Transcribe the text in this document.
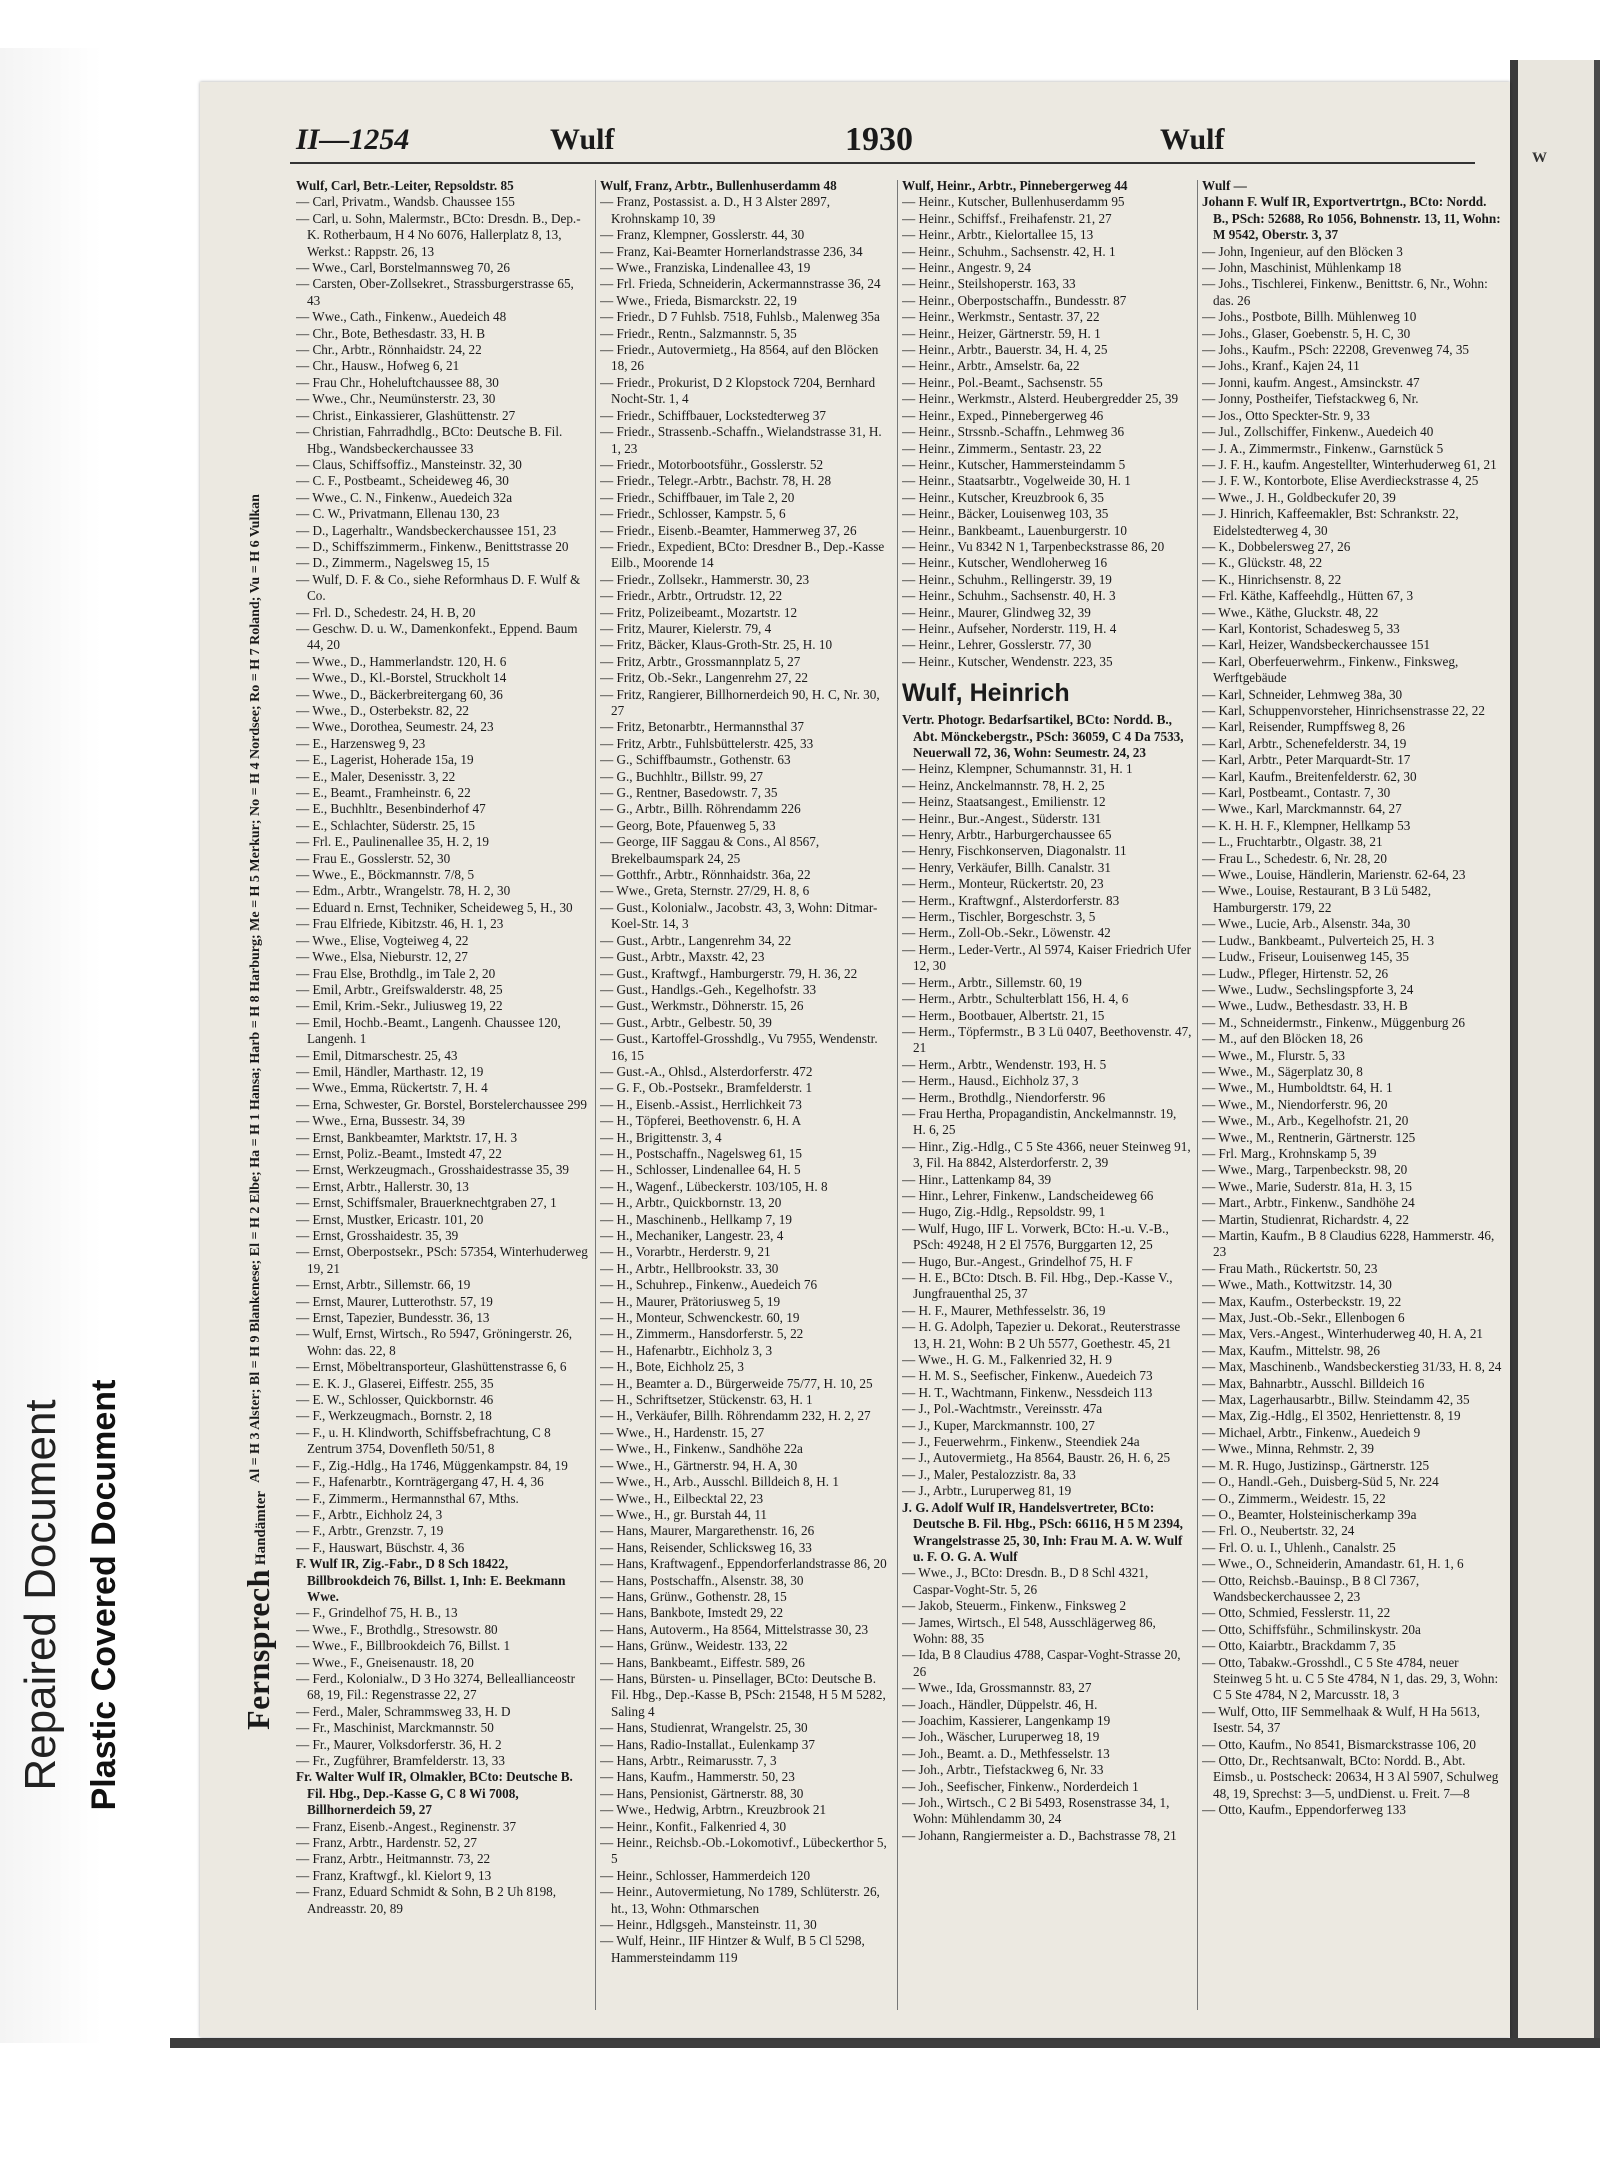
Repaired Document Plastic Covered Document
W
II—1254	Wulf	1930	Wulf
FernsprechHandämterAl = H 3 Alster; Bl = H 9 Blankenese; El = H 2 Elbe; Ha = H 1 Hansa; Harb = H 8 Harburg; Me = H 5 Merkur; No = H 4 Nordsee; Ro = H 7 Roland; Vu = H 6 Vulkan

Wulf, Carl, Betr.-Leiter, Repsoldstr. 85

— Carl, Privatm., Wandsb. Chaussee 155

— Carl, u. Sohn, Malermstr., BCto: Dresdn. B., Dep.-K. Rotherbaum, H 4 No 6076, Hallerplatz 8, 13, Werkst.: Rappstr. 26, 13

— Wwe., Carl, Borstelmannsweg 70, 26

— Carsten, Ober-Zollsekret., Strassburgerstrasse 65, 43

— Wwe., Cath., Finkenw., Auedeich 48

— Chr., Bote, Bethesdastr. 33, H. B

— Chr., Arbtr., Rönnhaidstr. 24, 22

— Chr., Hausw., Hofweg 6, 21

— Frau Chr., Hoheluftchaussee 88, 30

— Wwe., Chr., Neumünsterstr. 23, 30

— Christ., Einkassierer, Glashüttenstr. 27

— Christian, Fahrradhdlg., BCto: Deutsche B. Fil. Hbg., Wandsbeckerchaussee 33

— Claus, Schiffsoffiz., Mansteinstr. 32, 30

— C. F., Postbeamt., Scheideweg 46, 30

— Wwe., C. N., Finkenw., Auedeich 32a

— C. W., Privatmann, Ellenau 130, 23

— D., Lagerhaltr., Wandsbeckerchaussee 151, 23

— D., Schiffszimmerm., Finkenw., Benittstrasse 20

— D., Zimmerm., Nagelsweg 15, 15

— Wulf, D. F. & Co., siehe Reformhaus D. F. Wulf & Co.

— Frl. D., Schedestr. 24, H. B, 20

— Geschw. D. u. W., Damenkonfekt., Eppend. Baum 44, 20

— Wwe., D., Hammerlandstr. 120, H. 6

— Wwe., D., Kl.-Borstel, Struckholt 14

— Wwe., D., Bäckerbreitergang 60, 36

— Wwe., D., Osterbekstr. 82, 22

— Wwe., Dorothea, Seumestr. 24, 23

— E., Harzensweg 9, 23

— E., Lagerist, Hoherade 15a, 19

— E., Maler, Desenisstr. 3, 22

— E., Beamt., Framheinstr. 6, 22

— E., Buchhltr., Besenbinderhof 47

— E., Schlachter, Süderstr. 25, 15

— Frl. E., Paulinenallee 35, H. 2, 19

— Frau E., Gosslerstr. 52, 30

— Wwe., E., Böckmannstr. 7/8, 5

— Edm., Arbtr., Wrangelstr. 78, H. 2, 30

— Eduard n. Ernst, Techniker, Scheideweg 5, H., 30

— Frau Elfriede, Kibitzstr. 46, H. 1, 23

— Wwe., Elise, Vogteiweg 4, 22

— Wwe., Elsa, Nieburstr. 12, 27

— Frau Else, Brothdlg., im Tale 2, 20

— Emil, Arbtr., Greifswalderstr. 48, 25

— Emil, Krim.-Sekr., Juliusweg 19, 22

— Emil, Hochb.-Beamt., Langenh. Chaussee 120, Langenh. 1

— Emil, Ditmarschestr. 25, 43

— Emil, Händler, Marthastr. 12, 19

— Wwe., Emma, Rückertstr. 7, H. 4

— Erna, Schwester, Gr. Borstel, Borstelerchaussee 299

— Wwe., Erna, Bussestr. 34, 39

— Ernst, Bankbeamter, Marktstr. 17, H. 3

— Ernst, Poliz.-Beamt., Imstedt 47, 22

— Ernst, Werkzeugmach., Grosshaidestrasse 35, 39

— Ernst, Arbtr., Hallerstr. 30, 13

— Ernst, Schiffsmaler, Brauerknechtgraben 27, 1

— Ernst, Mustker, Ericastr. 101, 20

— Ernst, Grosshaidestr. 35, 39

— Ernst, Oberpostsekr., PSch: 57354, Winterhuderweg 19, 21

— Ernst, Arbtr., Sillemstr. 66, 19

— Ernst, Maurer, Lutterothstr. 57, 19

— Ernst, Tapezier, Bundesstr. 36, 13

— Wulf, Ernst, Wirtsch., Ro 5947, Gröningerstr. 26, Wohn: das. 22, 8

— Ernst, Möbeltransporteur, Glashüttenstrasse 6, 6

— E. K. J., Glaserei, Eiffestr. 255, 35

— E. W., Schlosser, Quickbornstr. 46

— F., Werkzeugmach., Bornstr. 2, 18

— F., u. H. Klindworth, Schiffsbefrachtung, C 8 Zentrum 3754, Dovenfleth 50/51, 8

— F., Zig.-Hdlg., Ha 1746, Müggenkampstr. 84, 19

— F., Hafenarbtr., Kornträgergang 47, H. 4, 36

— F., Zimmerm., Hermannsthal 67, Mths.

— F., Arbtr., Eichholz 24, 3

— F., Arbtr., Grenzstr. 7, 19

— F., Hauswart, Büschstr. 4, 36

F. Wulf IR, Zig.-Fabr., D 8 Sch 18422, Billbrookdeich 76, Billst. 1, Inh: E. Beekmann Wwe.

— F., Grindelhof 75, H. B., 13

— Wwe., F., Brothdlg., Stresowstr. 80

— Wwe., F., Billbrookdeich 76, Billst. 1

— Wwe., F., Gneisenaustr. 18, 20

— Ferd., Kolonialw., D 3 Ho 3274, Belleallianceostr 68, 19, Fil.: Regenstrasse 22, 27

— Ferd., Maler, Schrammsweg 33, H. D

— Fr., Maschinist, Marckmannstr. 50

— Fr., Maurer, Volksdorferstr. 36, H. 2

— Fr., Zugführer, Bramfelderstr. 13, 33

Fr. Walter Wulf IR, Olmakler, BCto: Deutsche B. Fil. Hbg., Dep.-Kasse G, C 8 Wi 7008, Billhornerdeich 59, 27

— Franz, Eisenb.-Angest., Reginenstr. 37

— Franz, Arbtr., Hardenstr. 52, 27

— Franz, Arbtr., Heitmannstr. 73, 22

— Franz, Kraftwgf., kl. Kielort 9, 13

— Franz, Eduard Schmidt & Sohn, B 2 Uh 8198, Andreasstr. 20, 89

Wulf, Franz, Arbtr., Bullenhuserdamm 48

— Franz, Postassist. a. D., H 3 Alster 2897, Krohnskamp 10, 39

— Franz, Klempner, Gosslerstr. 44, 30

— Franz, Kai-Beamter Hornerlandstrasse 236, 34

— Wwe., Franziska, Lindenallee 43, 19

— Frl. Frieda, Schneiderin, Ackermannstrasse 36, 24

— Wwe., Frieda, Bismarckstr. 22, 19

— Friedr., D 7 Fuhlsb. 7518, Fuhlsb., Malenweg 35a

— Friedr., Rentn., Salzmannstr. 5, 35

— Friedr., Autovermietg., Ha 8564, auf den Blöcken 18, 26

— Friedr., Prokurist, D 2 Klopstock 7204, Bernhard Nocht-Str. 1, 4

— Friedr., Schiffbauer, Lockstedterweg 37

— Friedr., Strassenb.-Schaffn., Wielandstrasse 31, H. 1, 23

— Friedr., Motorbootsführ., Gosslerstr. 52

— Friedr., Telegr.-Arbtr., Bachstr. 78, H. 28

— Friedr., Schiffbauer, im Tale 2, 20

— Friedr., Schlosser, Kampstr. 5, 6

— Friedr., Eisenb.-Beamter, Hammerweg 37, 26

— Friedr., Expedient, BCto: Dresdner B., Dep.-Kasse Eilb., Moorende 14

— Friedr., Zollsekr., Hammerstr. 30, 23

— Friedr., Arbtr., Ortrudstr. 12, 22

— Fritz, Polizeibeamt., Mozartstr. 12

— Fritz, Maurer, Kielerstr. 79, 4

— Fritz, Bäcker, Klaus-Groth-Str. 25, H. 10

— Fritz, Arbtr., Grossmannplatz 5, 27

— Fritz, Ob.-Sekr., Langenrehm 27, 22

— Fritz, Rangierer, Billhornerdeich 90, H. C, Nr. 30, 27

— Fritz, Betonarbtr., Hermannsthal 37

— Fritz, Arbtr., Fuhlsbüttelerstr. 425, 33

— G., Schiffbaumstr., Gothenstr. 63

— G., Buchhltr., Billstr. 99, 27

— G., Rentner, Basedowstr. 7, 35

— G., Arbtr., Billh. Röhrendamm 226

— Georg, Bote, Pfauenweg 5, 33

— George, IIF Saggau & Cons., Al 8567, Brekelbaumspark 24, 25

— Gotthfr., Arbtr., Rönnhaidstr. 36a, 22

— Wwe., Greta, Sternstr. 27/29, H. 8, 6

— Gust., Kolonialw., Jacobstr. 43, 3, Wohn: Ditmar-Koel-Str. 14, 3

— Gust., Arbtr., Langenrehm 34, 22

— Gust., Arbtr., Maxstr. 42, 23

— Gust., Kraftwgf., Hamburgerstr. 79, H. 36, 22

— Gust., Handlgs.-Geh., Kegelhofstr. 33

— Gust., Werkmstr., Döhnerstr. 15, 26

— Gust., Arbtr., Gelbestr. 50, 39

— Gust., Kartoffel-Grosshdlg., Vu 7955, Wendenstr. 16, 15

— Gust.-A., Ohlsd., Alsterdorferstr. 472

— G. F., Ob.-Postsekr., Bramfelderstr. 1

— H., Eisenb.-Assist., Herrlichkeit 73

— H., Töpferei, Beethovenstr. 6, H. A

— H., Brigittenstr. 3, 4

— H., Postschaffn., Nagelsweg 61, 15

— H., Schlosser, Lindenallee 64, H. 5

— H., Wagenf., Lübeckerstr. 103/105, H. 8

— H., Arbtr., Quickbornstr. 13, 20

— H., Maschinenb., Hellkamp 7, 19

— H., Mechaniker, Langestr. 23, 4

— H., Vorarbtr., Herderstr. 9, 21

— H., Arbtr., Hellbrookstr. 33, 30

— H., Schuhrep., Finkenw., Auedeich 76

— H., Maurer, Prätoriusweg 5, 19

— H., Monteur, Schwenckestr. 60, 19

— H., Zimmerm., Hansdorferstr. 5, 22

— H., Hafenarbtr., Eichholz 3, 3

— H., Bote, Eichholz 25, 3

— H., Beamter a. D., Bürgerweide 75/77, H. 10, 25

— H., Schriftsetzer, Stückenstr. 63, H. 1

— H., Verkäufer, Billh. Röhrendamm 232, H. 2, 27

— Wwe., H., Hardenstr. 15, 27

— Wwe., H., Finkenw., Sandhöhe 22a

— Wwe., H., Gärtnerstr. 94, H. A, 30

— Wwe., H., Arb., Ausschl. Billdeich 8, H. 1

— Wwe., H., Eilbecktal 22, 23

— Wwe., H., gr. Burstah 44, 11

— Hans, Maurer, Margarethenstr. 16, 26

— Hans, Reisender, Schlicksweg 16, 33

— Hans, Kraftwagenf., Eppendorferlandstrasse 86, 20

— Hans, Postschaffn., Alsenstr. 38, 30

— Hans, Grünw., Gothenstr. 28, 15

— Hans, Bankbote, Imstedt 29, 22

— Hans, Autoverm., Ha 8564, Mittelstrasse 30, 23

— Hans, Grünw., Weidestr. 133, 22

— Hans, Bankbeamt., Eiffestr. 589, 26

— Hans, Bürsten- u. Pinsellager, BCto: Deutsche B. Fil. Hbg., Dep.-Kasse B, PSch: 21548, H 5 M 5282, Saling 4

— Hans, Studienrat, Wrangelstr. 25, 30

— Hans, Radio-Installat., Eulenkamp 37

— Hans, Arbtr., Reimarusstr. 7, 3

— Hans, Kaufm., Hammerstr. 50, 23

— Hans, Pensionist, Gärtnerstr. 88, 30

— Wwe., Hedwig, Arbtrn., Kreuzbrook 21

— Heinr., Konfit., Falkenried 4, 30

— Heinr., Reichsb.-Ob.-Lokomotivf., Lübeckerthor 5, 5

— Heinr., Schlosser, Hammerdeich 120

— Heinr., Autovermietung, No 1789, Schlüterstr. 26, ht., 13, Wohn: Othmarschen

— Heinr., Hdlgsgeh., Mansteinstr. 11, 30

— Wulf, Heinr., IIF Hintzer & Wulf, B 5 Cl 5298, Hammersteindamm 119

Wulf, Heinr., Arbtr., Pinnebergerweg 44

— Heinr., Kutscher, Bullenhuserdamm 95

— Heinr., Schiffsf., Freihafenstr. 21, 27

— Heinr., Arbtr., Kielortallee 15, 13

— Heinr., Schuhm., Sachsenstr. 42, H. 1

— Heinr., Angestr. 9, 24

— Heinr., Steilshoperstr. 163, 33

— Heinr., Oberpostschaffn., Bundesstr. 87

— Heinr., Werkmstr., Sentastr. 37, 22

— Heinr., Heizer, Gärtnerstr. 59, H. 1

— Heinr., Arbtr., Bauerstr. 34, H. 4, 25

— Heinr., Arbtr., Amselstr. 6a, 22

— Heinr., Pol.-Beamt., Sachsenstr. 55

— Heinr., Werkmstr., Alsterd. Heubergredder 25, 39

— Heinr., Exped., Pinnebergerweg 46

— Heinr., Strssnb.-Schaffn., Lehmweg 36

— Heinr., Zimmerm., Sentastr. 23, 22

— Heinr., Kutscher, Hammersteindamm 5

— Heinr., Staatsarbtr., Vogelweide 30, H. 1

— Heinr., Kutscher, Kreuzbrook 6, 35

— Heinr., Bäcker, Louisenweg 103, 35

— Heinr., Bankbeamt., Lauenburgerstr. 10

— Heinr., Vu 8342 N 1, Tarpenbeckstrasse 86, 20

— Heinr., Kutscher, Wendloherweg 16

— Heinr., Schuhm., Rellingerstr. 39, 19

— Heinr., Schuhm., Sachsenstr. 40, H. 3

— Heinr., Maurer, Glindweg 32, 39

— Heinr., Aufseher, Norderstr. 119, H. 4

— Heinr., Lehrer, Gosslerstr. 77, 30

— Heinr., Kutscher, Wendenstr. 223, 35

Wulf, Heinrich

Vertr. Photogr. Bedarfsartikel, BCto: Nordd. B., Abt. Mönckebergstr., PSch: 36059, C 4 Da 7533, Neuerwall 72, 36, Wohn: Seumestr. 24, 23

— Heinz, Klempner, Schumannstr. 31, H. 1

— Heinz, Anckelmannstr. 78, H. 2, 25

— Heinz, Staatsangest., Emilienstr. 12

— Heinr., Bur.-Angest., Süderstr. 131

— Henry, Arbtr., Harburgerchaussee 65

— Henry, Fischkonserven, Diagonalstr. 11

— Henry, Verkäufer, Billh. Canalstr. 31

— Herm., Monteur, Rückertstr. 20, 23

— Herm., Kraftwgnf., Alsterdorferstr. 83

— Herm., Tischler, Borgeschstr. 3, 5

— Herm., Zoll-Ob.-Sekr., Löwenstr. 42

— Herm., Leder-Vertr., Al 5974, Kaiser Friedrich Ufer 12, 30

— Herm., Arbtr., Sillemstr. 60, 19

— Herm., Arbtr., Schulterblatt 156, H. 4, 6

— Herm., Bootbauer, Albertstr. 21, 15

— Herm., Töpfermstr., B 3 Lü 0407, Beethovenstr. 47, 21

— Herm., Arbtr., Wendenstr. 193, H. 5

— Herm., Hausd., Eichholz 37, 3

— Herm., Brothdlg., Niendorferstr. 96

— Frau Hertha, Propagandistin, Anckelmannstr. 19, H. 6, 25

— Hinr., Zig.-Hdlg., C 5 Ste 4366, neuer Steinweg 91, 3, Fil. Ha 8842, Alsterdorferstr. 2, 39

— Hinr., Lattenkamp 84, 39

— Hinr., Lehrer, Finkenw., Landscheideweg 66

— Hugo, Zig.-Hdlg., Repsoldstr. 99, 1

— Wulf, Hugo, IIF L. Vorwerk, BCto: H.-u. V.-B., PSch: 49248, H 2 El 7576, Burggarten 12, 25

— Hugo, Bur.-Angest., Grindelhof 75, H. F

— H. E., BCto: Dtsch. B. Fil. Hbg., Dep.-Kasse V., Jungfrauenthal 25, 37

— H. F., Maurer, Methfesselstr. 36, 19

— H. G. Adolph, Tapezier u. Dekorat., Reuterstrasse 13, H. 21, Wohn: B 2 Uh 5577, Goethestr. 45, 21

— Wwe., H. G. M., Falkenried 32, H. 9

— H. M. S., Seefischer, Finkenw., Auedeich 73

— H. T., Wachtmann, Finkenw., Nessdeich 113

— J., Pol.-Wachtmstr., Vereinsstr. 47a

— J., Kuper, Marckmannstr. 100, 27

— J., Feuerwehrm., Finkenw., Steendiek 24a

— J., Autovermietg., Ha 8564, Baustr. 26, H. 6, 25

— J., Maler, Pestalozzistr. 8a, 33

— J., Arbtr., Luruperweg 81, 19

J. G. Adolf Wulf IR, Handelsvertreter, BCto: Deutsche B. Fil. Hbg., PSch: 66116, H 5 M 2394, Wrangelstrasse 25, 30, Inh: Frau M. A. W. Wulf u. F. O. G. A. Wulf

— Wwe., J., BCto: Dresdn. B., D 8 Schl 4321, Caspar-Voght-Str. 5, 26

— Jakob, Steuerm., Finkenw., Finksweg 2

— James, Wirtsch., El 548, Ausschlägerweg 86, Wohn: 88, 35

— Ida, B 8 Claudius 4788, Caspar-Voght-Strasse 20, 26

— Wwe., Ida, Grossmannstr. 83, 27

— Joach., Händler, Düppelstr. 46, H.

— Joachim, Kassierer, Langenkamp 19

— Joh., Wäscher, Luruperweg 18, 19

— Joh., Beamt. a. D., Methfesselstr. 13

— Joh., Arbtr., Tiefstackweg 6, Nr. 33

— Joh., Seefischer, Finkenw., Norderdeich 1

— Joh., Wirtsch., C 2 Bi 5493, Rosenstrasse 34, 1, Wohn: Mühlendamm 30, 24

— Johann, Rangiermeister a. D., Bachstrasse 78, 21

Wulf —

Johann F. Wulf IR, Exportvertrtgn., BCto: Nordd. B., PSch: 52688, Ro 1056, Bohnenstr. 13, 11, Wohn: M 9542, Oberstr. 3, 37

— John, Ingenieur, auf den Blöcken 3

— John, Maschinist, Mühlenkamp 18

— Johs., Tischlerei, Finkenw., Benittstr. 6, Nr., Wohn: das. 26

— Johs., Postbote, Billh. Mühlenweg 10

— Johs., Glaser, Goebenstr. 5, H. C, 30

— Johs., Kaufm., PSch: 22208, Grevenweg 74, 35

— Johs., Kranf., Kajen 24, 11

— Jonni, kaufm. Angest., Amsinckstr. 47

— Jonny, Postheifer, Tiefstackweg 6, Nr.

— Jos., Otto Speckter-Str. 9, 33

— Jul., Zollschiffer, Finkenw., Auedeich 40

— J. A., Zimmermstr., Finkenw., Garnstück 5

— J. F. H., kaufm. Angestellter, Winterhuderweg 61, 21

— J. F. W., Kontorbote, Elise Averdieckstrasse 4, 25

— Wwe., J. H., Goldbeckufer 20, 39

— J. Hinrich, Kaffeemakler, Bst: Schrankstr. 22, Eidelstedterweg 4, 30

— K., Dobbelersweg 27, 26

— K., Glückstr. 48, 22

— K., Hinrichsenstr. 8, 22

— Frl. Käthe, Kaffeehdlg., Hütten 67, 3

— Wwe., Käthe, Gluckstr. 48, 22

— Karl, Kontorist, Schadesweg 5, 33

— Karl, Heizer, Wandsbeckerchaussee 151

— Karl, Oberfeuerwehrm., Finkenw., Finksweg, Werftgebäude

— Karl, Schneider, Lehmweg 38a, 30

— Karl, Schuppenvorsteher, Hinrichsenstrasse 22, 22

— Karl, Reisender, Rumpffsweg 8, 26

— Karl, Arbtr., Schenefelderstr. 34, 19

— Karl, Arbtr., Peter Marquardt-Str. 17

— Karl, Kaufm., Breitenfelderstr. 62, 30

— Karl, Postbeamt., Contastr. 7, 30

— Wwe., Karl, Marckmannstr. 64, 27

— K. H. H. F., Klempner, Hellkamp 53

— L., Fruchtarbtr., Olgastr. 38, 21

— Frau L., Schedestr. 6, Nr. 28, 20

— Wwe., Louise, Händlerin, Marienstr. 62-64, 23

— Wwe., Louise, Restaurant, B 3 Lü 5482, Hamburgerstr. 179, 22

— Wwe., Lucie, Arb., Alsenstr. 34a, 30

— Ludw., Bankbeamt., Pulverteich 25, H. 3

— Ludw., Friseur, Louisenweg 145, 35

— Ludw., Pfleger, Hirtenstr. 52, 26

— Wwe., Ludw., Sechslingspforte 3, 24

— Wwe., Ludw., Bethesdastr. 33, H. B

— M., Schneidermstr., Finkenw., Müggenburg 26

— M., auf den Blöcken 18, 26

— Wwe., M., Flurstr. 5, 33

— Wwe., M., Sägerplatz 30, 8

— Wwe., M., Humboldtstr. 64, H. 1

— Wwe., M., Niendorferstr. 96, 20

— Wwe., M., Arb., Kegelhofstr. 21, 20

— Wwe., M., Rentnerin, Gärtnerstr. 125

— Frl. Marg., Krohnskamp 5, 39

— Wwe., Marg., Tarpenbeckstr. 98, 20

— Wwe., Marie, Suderstr. 81a, H. 3, 15

— Mart., Arbtr., Finkenw., Sandhöhe 24

— Martin, Studienrat, Richardstr. 4, 22

— Martin, Kaufm., B 8 Claudius 6228, Hammerstr. 46, 23

— Frau Math., Rückertstr. 50, 23

— Wwe., Math., Kottwitzstr. 14, 30

— Max, Kaufm., Osterbeckstr. 19, 22

— Max, Just.-Ob.-Sekr., Ellenbogen 6

— Max, Vers.-Angest., Winterhuderweg 40, H. A, 21

— Max, Kaufm., Mittelstr. 98, 26

— Max, Maschinenb., Wandsbeckerstieg 31/33, H. 8, 24

— Max, Bahnarbtr., Ausschl. Billdeich 16

— Max, Lagerhausarbtr., Billw. Steindamm 42, 35

— Max, Zig.-Hdlg., El 3502, Henriettenstr. 8, 19

— Michael, Arbtr., Finkenw., Auedeich 9

— Wwe., Minna, Rehmstr. 2, 39

— M. R. Hugo, Justizinsp., Gärtnerstr. 125

— O., Handl.-Geh., Duisberg-Süd 5, Nr. 224

— O., Zimmerm., Weidestr. 15, 22

— O., Beamter, Holsteinischerkamp 39a

— Frl. O., Neubertstr. 32, 24

— Frl. O. u. I., Uhlenh., Canalstr. 25

— Wwe., O., Schneiderin, Amandastr. 61, H. 1, 6

— Otto, Reichsb.-Bauinsp., B 8 Cl 7367, Wandsbeckerchaussee 2, 23

— Otto, Schmied, Fesslerstr. 11, 22

— Otto, Schiffsführ., Schmilinskystr. 20a

— Otto, Kaiarbtr., Brackdamm 7, 35

— Otto, Tabakw.-Grosshdl., C 5 Ste 4784, neuer Steinweg 5 ht. u. C 5 Ste 4784, N 1, das. 29, 3, Wohn: C 5 Ste 4784, N 2, Marcusstr. 18, 3

— Wulf, Otto, IIF Semmelhaak & Wulf, H Ha 5613, Isestr. 54, 37

— Otto, Kaufm., No 8541, Bismarckstrasse 106, 20

— Otto, Dr., Rechtsanwalt, BCto: Nordd. B., Abt. Eimsb., u. Postscheck: 20634, H 3 Al 5907, Schulweg 48, 19, Sprechst: 3—5, undDienst. u. Freit. 7—8

— Otto, Kaufm., Eppendorferweg 133
